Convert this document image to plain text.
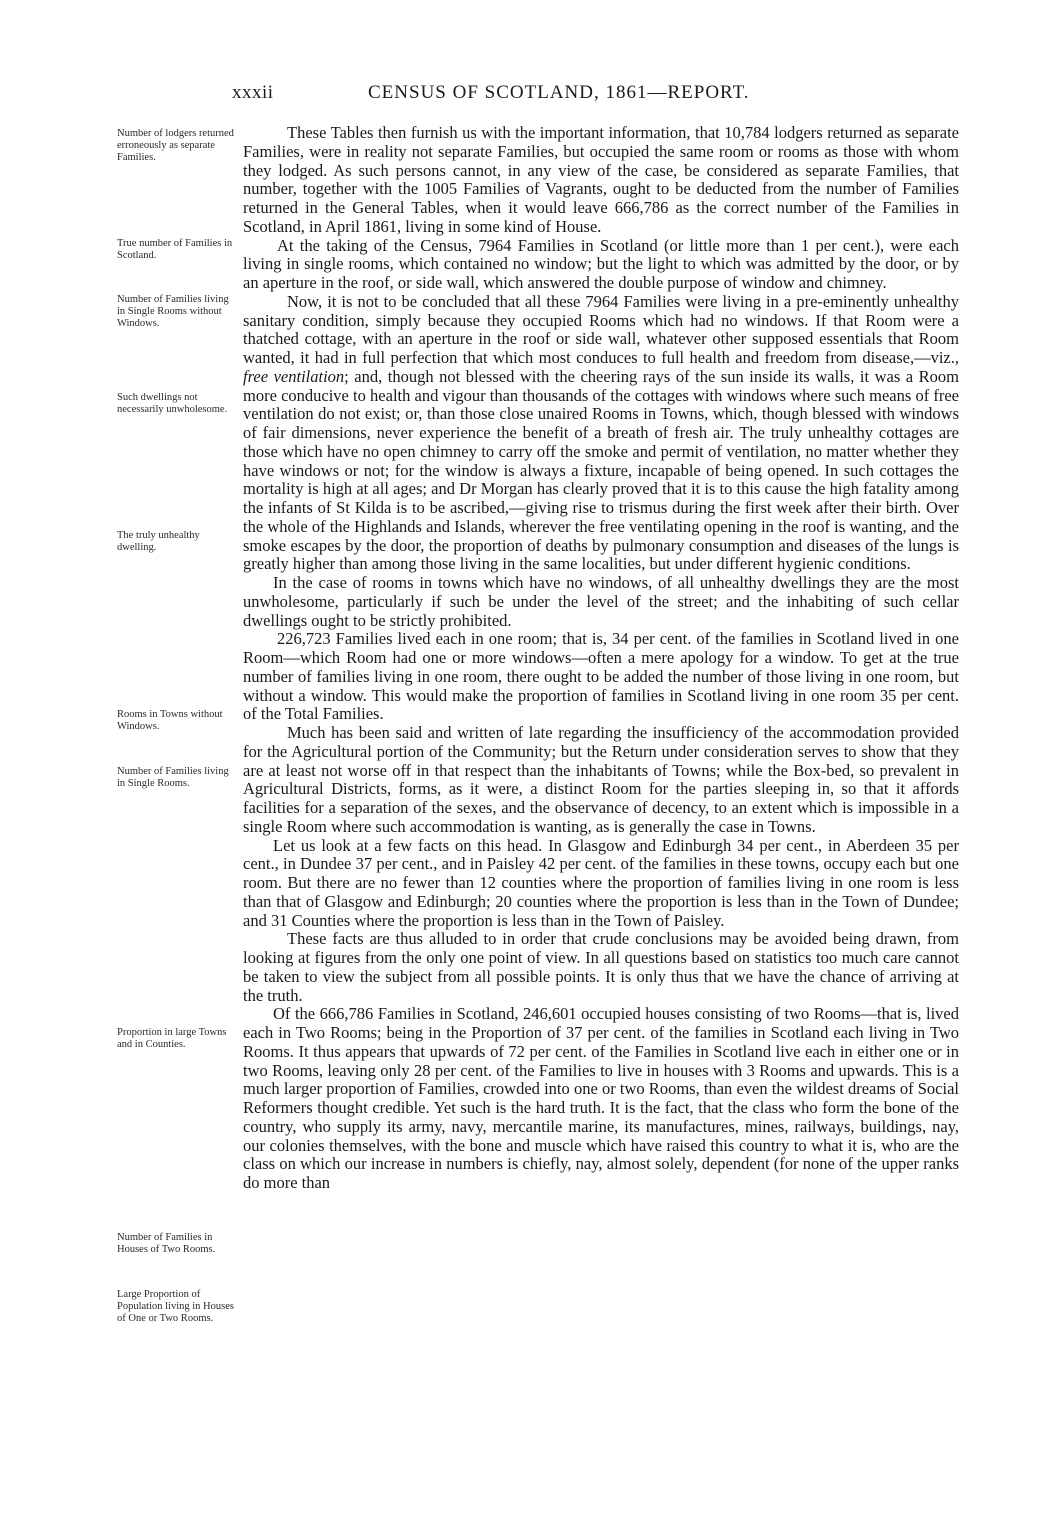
xxxii	CENSUS OF SCOTLAND, 1861—REPORT.
Number of lodgers returned erroneously as separate Families.
True number of Families in Scotland.
Number of Families living in Single Rooms without Windows.
Such dwellings not necessarily unwholesome.
The truly unhealthy dwelling.
Rooms in Towns without Windows.
Number of Families living in Single Rooms.
Proportion in large Towns and in Counties.
Number of Families in Houses of Two Rooms.
Large Proportion of Population living in Houses of One or Two Rooms.

These Tables then furnish us with the important information, that 10,784 lodgers returned as separate Families, were in reality not separate Families, but occupied the same room or rooms as those with whom they lodged. As such persons cannot, in any view of the case, be considered as separate Families, that number, together with the 1005 Families of Vagrants, ought to be deducted from the number of Families returned in the General Tables, when it would leave 666,786 as the correct number of the Families in Scotland, in April 1861, living in some kind of House.

At the taking of the Census, 7964 Families in Scotland (or little more than 1 per cent.), were each living in single rooms, which contained no window; but the light to which was admitted by the door, or by an aperture in the roof, or side wall, which answered the double purpose of window and chimney.

Now, it is not to be concluded that all these 7964 Families were living in a pre-eminently unhealthy sanitary condition, simply because they occupied Rooms which had no windows. If that Room were a thatched cottage, with an aperture in the roof or side wall, whatever other supposed essentials that Room wanted, it had in full perfection that which most conduces to full health and freedom from disease,—viz., free ventilation; and, though not blessed with the cheering rays of the sun inside its walls, it was a Room more conducive to health and vigour than thousands of the cottages with windows where such means of free ventilation do not exist; or, than those close unaired Rooms in Towns, which, though blessed with windows of fair dimensions, never experience the benefit of a breath of fresh air. The truly unhealthy cottages are those which have no open chimney to carry off the smoke and permit of ventilation, no matter whether they have windows or not; for the window is always a fixture, incapable of being opened. In such cottages the mortality is high at all ages; and Dr Morgan has clearly proved that it is to this cause the high fatality among the infants of St Kilda is to be ascribed,—giving rise to trismus during the first week after their birth. Over the whole of the Highlands and Islands, wherever the free ventilating opening in the roof is wanting, and the smoke escapes by the door, the proportion of deaths by pulmonary consumption and diseases of the lungs is greatly higher than among those living in the same localities, but under different hygienic conditions.

In the case of rooms in towns which have no windows, of all unhealthy dwellings they are the most unwholesome, particularly if such be under the level of the street; and the inhabiting of such cellar dwellings ought to be strictly prohibited.

226,723 Families lived each in one room; that is, 34 per cent. of the families in Scotland lived in one Room—which Room had one or more windows—often a mere apology for a window. To get at the true number of families living in one room, there ought to be added the number of those living in one room, but without a window. This would make the proportion of families in Scotland living in one room 35 per cent. of the Total Families.

Much has been said and written of late regarding the insufficiency of the accommodation provided for the Agricultural portion of the Community; but the Return under consideration serves to show that they are at least not worse off in that respect than the inhabitants of Towns; while the Box-bed, so prevalent in Agricultural Districts, forms, as it were, a distinct Room for the parties sleeping in, so that it affords facilities for a separation of the sexes, and the observance of decency, to an extent which is impossible in a single Room where such accommodation is wanting, as is generally the case in Towns.

Let us look at a few facts on this head. In Glasgow and Edinburgh 34 per cent., in Aberdeen 35 per cent., in Dundee 37 per cent., and in Paisley 42 per cent. of the families in these towns, occupy each but one room. But there are no fewer than 12 counties where the proportion of families living in one room is less than that of Glasgow and Edinburgh; 20 counties where the proportion is less than in the Town of Dundee; and 31 Counties where the proportion is less than in the Town of Paisley.

These facts are thus alluded to in order that crude conclusions may be avoided being drawn, from looking at figures from the only one point of view. In all questions based on statistics too much care cannot be taken to view the subject from all possible points. It is only thus that we have the chance of arriving at the truth.

Of the 666,786 Families in Scotland, 246,601 occupied houses consisting of two Rooms—that is, lived each in Two Rooms; being in the Proportion of 37 per cent. of the families in Scotland each living in Two Rooms. It thus appears that upwards of 72 per cent. of the Families in Scotland live each in either one or in two Rooms, leaving only 28 per cent. of the Families to live in houses with 3 Rooms and upwards. This is a much larger proportion of Families, crowded into one or two Rooms, than even the wildest dreams of Social Reformers thought credible. Yet such is the hard truth. It is the fact, that the class who form the bone of the country, who supply its army, navy, mercantile marine, its manufactures, mines, railways, buildings, nay, our colonies themselves, with the bone and muscle which have raised this country to what it is, who are the class on which our increase in numbers is chiefly, nay, almost solely, dependent (for none of the upper ranks do more than
